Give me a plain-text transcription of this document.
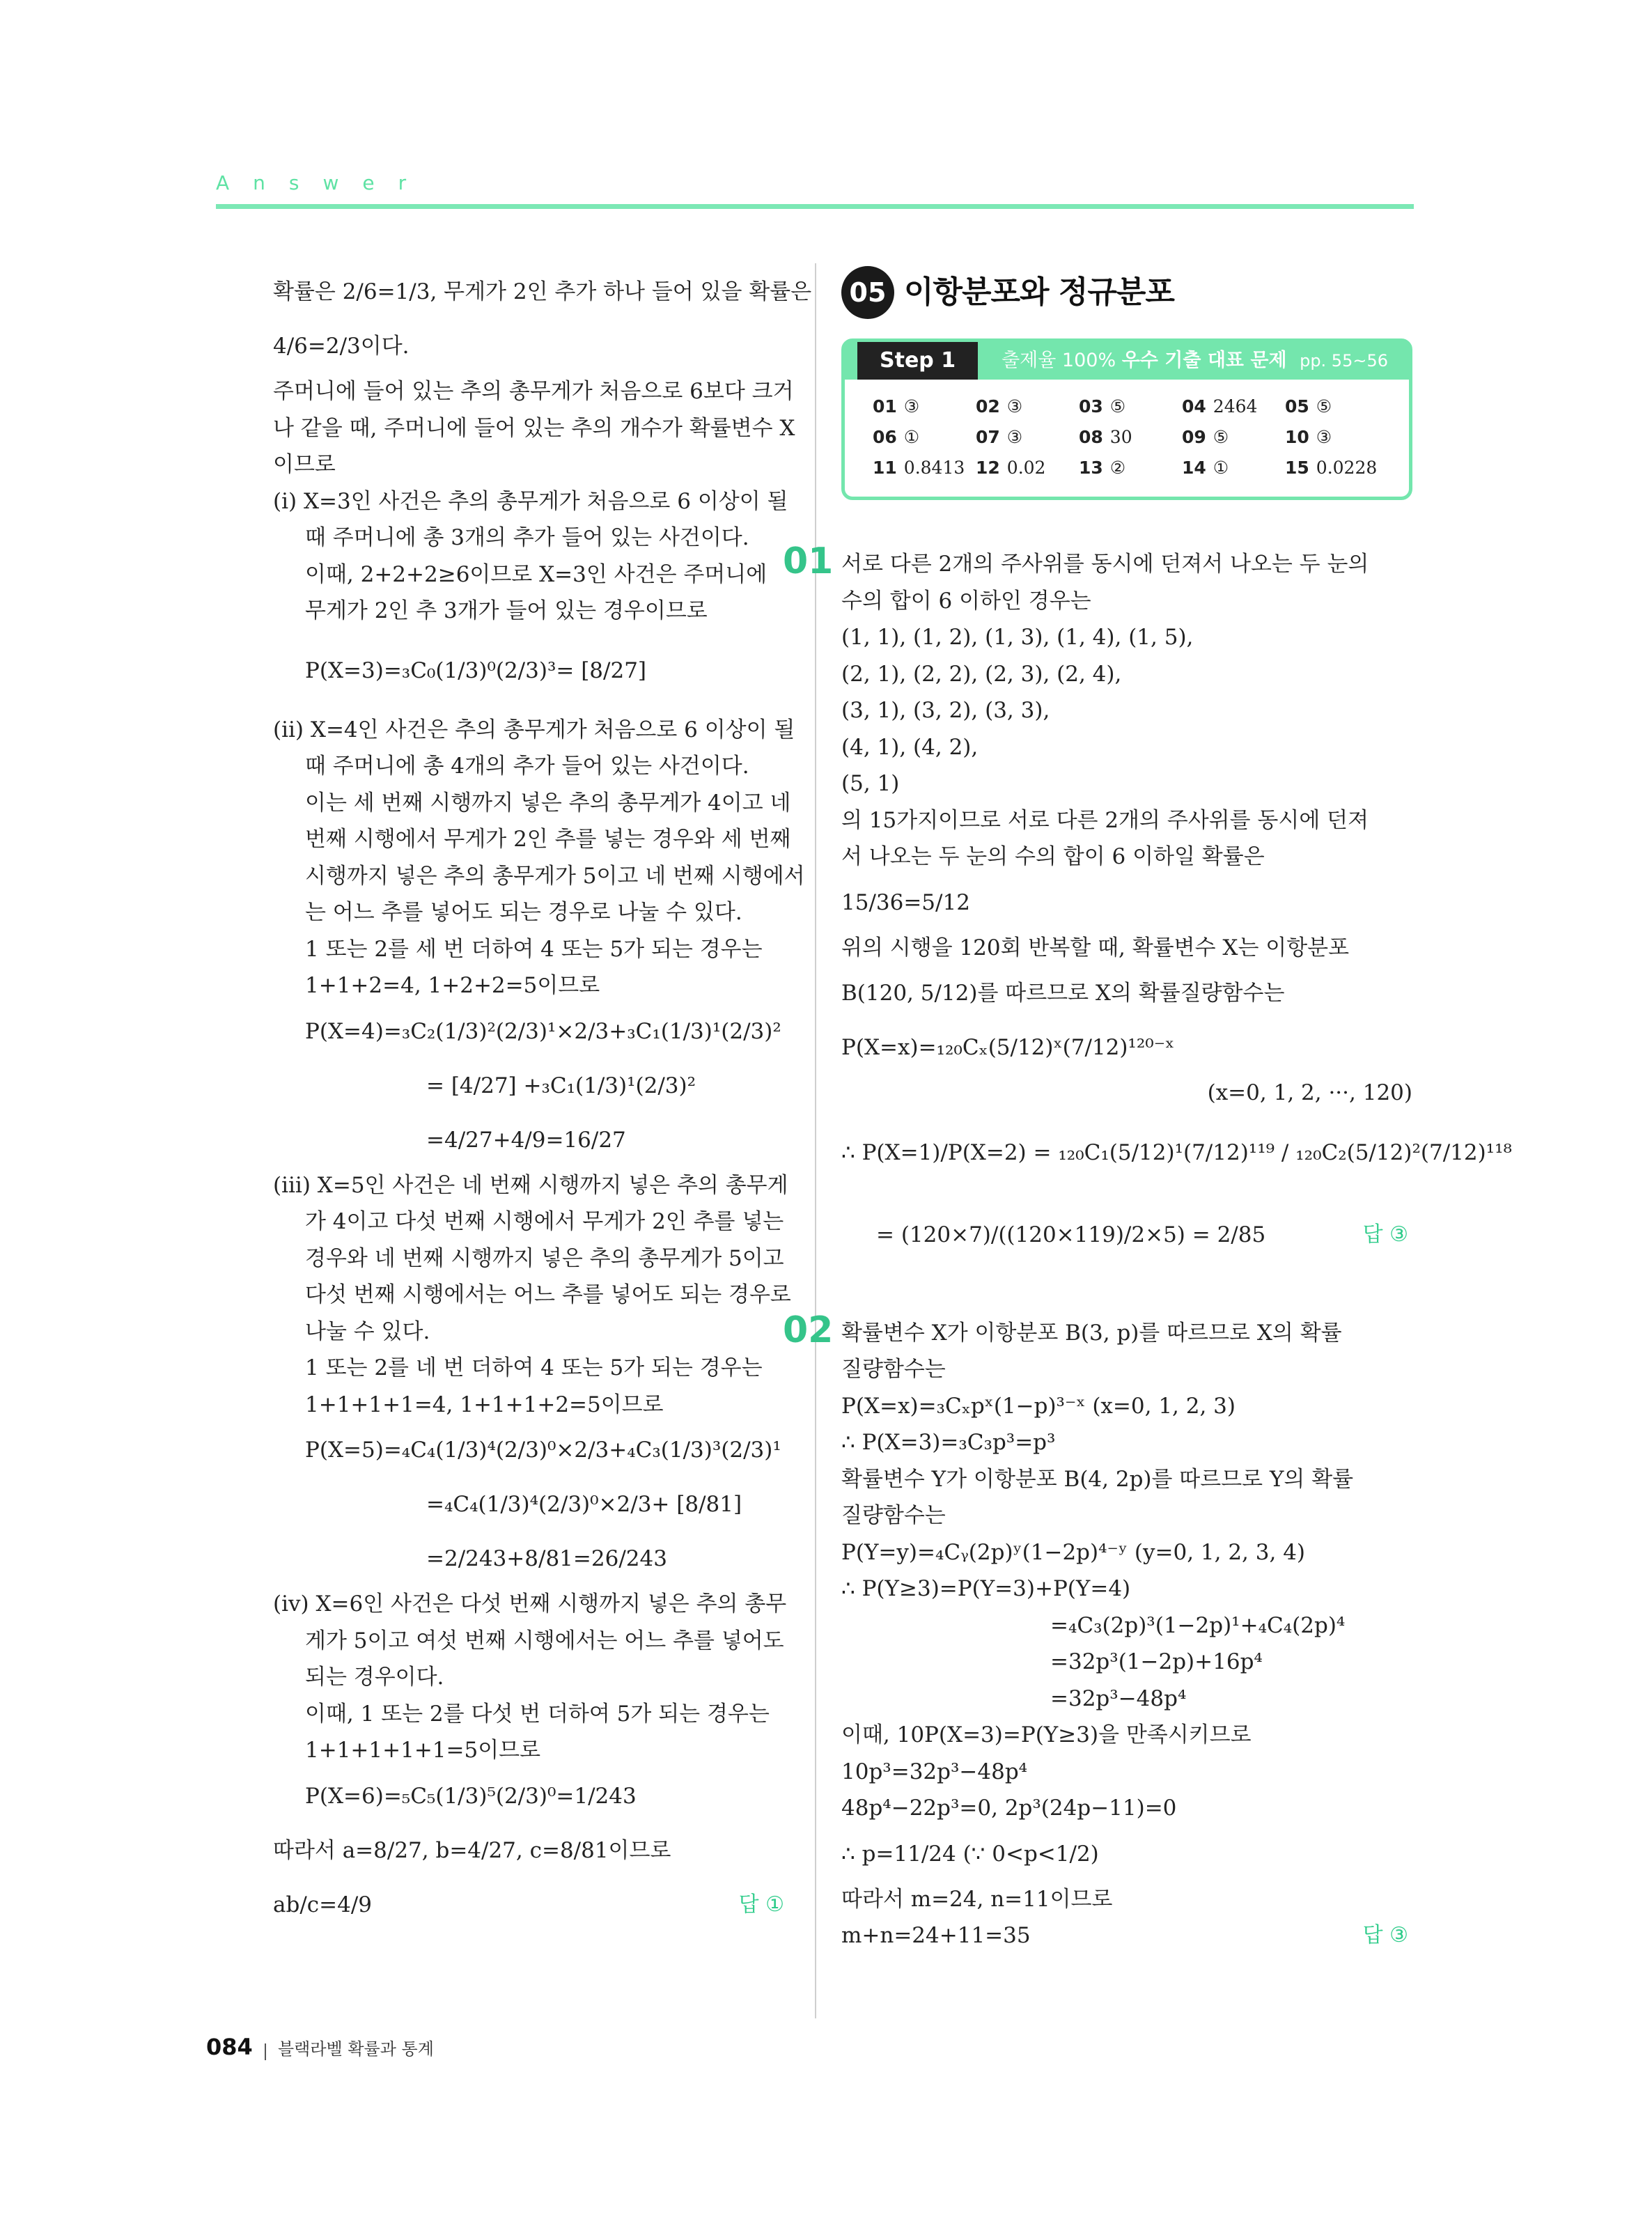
Answer
확률은 2/6=1/3, 무게가 2인 추가 하나 들어 있을 확률은
4/6=2/3이다.
주머니에 들어 있는 추의 총무게가 처음으로 6보다 크거
나 같을 때, 주머니에 들어 있는 추의 개수가 확률변수 X
이므로
(ⅰ) X=3인 사건은 추의 총무게가 처음으로 6 이상이 될
때 주머니에 총 3개의 추가 들어 있는 사건이다.
이때, 2+2+2≥6이므로 X=3인 사건은 주머니에
무게가 2인 추 3개가 들어 있는 경우이므로
P(X=3)=₃C₀(1/3)⁰(2/3)³= [8/27]
(ⅱ) X=4인 사건은 추의 총무게가 처음으로 6 이상이 될
때 주머니에 총 4개의 추가 들어 있는 사건이다.
이는 세 번째 시행까지 넣은 추의 총무게가 4이고 네
번째 시행에서 무게가 2인 추를 넣는 경우와 세 번째
시행까지 넣은 추의 총무게가 5이고 네 번째 시행에서
는 어느 추를 넣어도 되는 경우로 나눌 수 있다.
1 또는 2를 세 번 더하여 4 또는 5가 되는 경우는
1+1+2=4, 1+2+2=5이므로
P(X=4)=₃C₂(1/3)²(2/3)¹×2/3+₃C₁(1/3)¹(2/3)²
= [4/27] +₃C₁(1/3)¹(2/3)²
=4/27+4/9=16/27
(ⅲ) X=5인 사건은 네 번째 시행까지 넣은 추의 총무게
가 4이고 다섯 번째 시행에서 무게가 2인 추를 넣는
경우와 네 번째 시행까지 넣은 추의 총무게가 5이고
다섯 번째 시행에서는 어느 추를 넣어도 되는 경우로
나눌 수 있다.
1 또는 2를 네 번 더하여 4 또는 5가 되는 경우는
1+1+1+1=4, 1+1+1+2=5이므로
P(X=5)=₄C₄(1/3)⁴(2/3)⁰×2/3+₄C₃(1/3)³(2/3)¹
=₄C₄(1/3)⁴(2/3)⁰×2/3+ [8/81]
=2/243+8/81=26/243
(ⅳ) X=6인 사건은 다섯 번째 시행까지 넣은 추의 총무
게가 5이고 여섯 번째 시행에서는 어느 추를 넣어도
되는 경우이다.
이때, 1 또는 2를 다섯 번 더하여 5가 되는 경우는
1+1+1+1+1=5이므로
P(X=6)=₅C₅(1/3)⁵(2/3)⁰=1/243
따라서 a=8/27, b=4/27, c=8/81이므로
ab/c=4/9	답 ①
05 이항분포와 정규분포
Step 1	출제율 100% 우수 기출 대표 문제 pp. 55~56
01 ③	02 ③	03 ⑤	04 2464	05 ⑤
06 ①	07 ③	08 30	09 ⑤	10 ③
11 0.8413 12 0.02	13 ②	14 ①	15 0.0228
01 서로 다른 2개의 주사위를 동시에 던져서 나오는 두 눈의
수의 합이 6 이하인 경우는
(1, 1), (1, 2), (1, 3), (1, 4), (1, 5),
(2, 1), (2, 2), (2, 3), (2, 4),
(3, 1), (3, 2), (3, 3),
(4, 1), (4, 2),
(5, 1)
의 15가지이므로 서로 다른 2개의 주사위를 동시에 던져
서 나오는 두 눈의 수의 합이 6 이하일 확률은
15/36=5/12
위의 시행을 120회 반복할 때, 확률변수 X는 이항분포
B(120, 5/12)를 따르므로 X의 확률질량함수는
P(X=x)=₁₂₀Cₓ(5/12)ˣ(7/12)¹²⁰⁻ˣ
(x=0, 1, 2, ···, 120)
∴ P(X=1)/P(X=2) = ₁₂₀C₁(5/12)¹(7/12)¹¹⁹ / ₁₂₀C₂(5/12)²(7/12)¹¹⁸
= (120×7)/((120×119)/2×5) = 2/85	답 ③
02 확률변수 X가 이항분포 B(3, p)를 따르므로 X의 확률
질량함수는
P(X=x)=₃Cₓpˣ(1−p)³⁻ˣ (x=0, 1, 2, 3)
∴ P(X=3)=₃C₃p³=p³
확률변수 Y가 이항분포 B(4, 2p)를 따르므로 Y의 확률
질량함수는
P(Y=y)=₄Cᵧ(2p)ʸ(1−2p)⁴⁻ʸ (y=0, 1, 2, 3, 4)
∴ P(Y≥3)=P(Y=3)+P(Y=4)
=₄C₃(2p)³(1−2p)¹+₄C₄(2p)⁴
=32p³(1−2p)+16p⁴
=32p³−48p⁴
이때, 10P(X=3)=P(Y≥3)을 만족시키므로
10p³=32p³−48p⁴
48p⁴−22p³=0, 2p³(24p−11)=0
∴ p=11/24 (∵ 0<p<1/2)
따라서 m=24, n=11이므로
m+n=24+11=35	답 ③
084 블랙라벨 확률과 통계
